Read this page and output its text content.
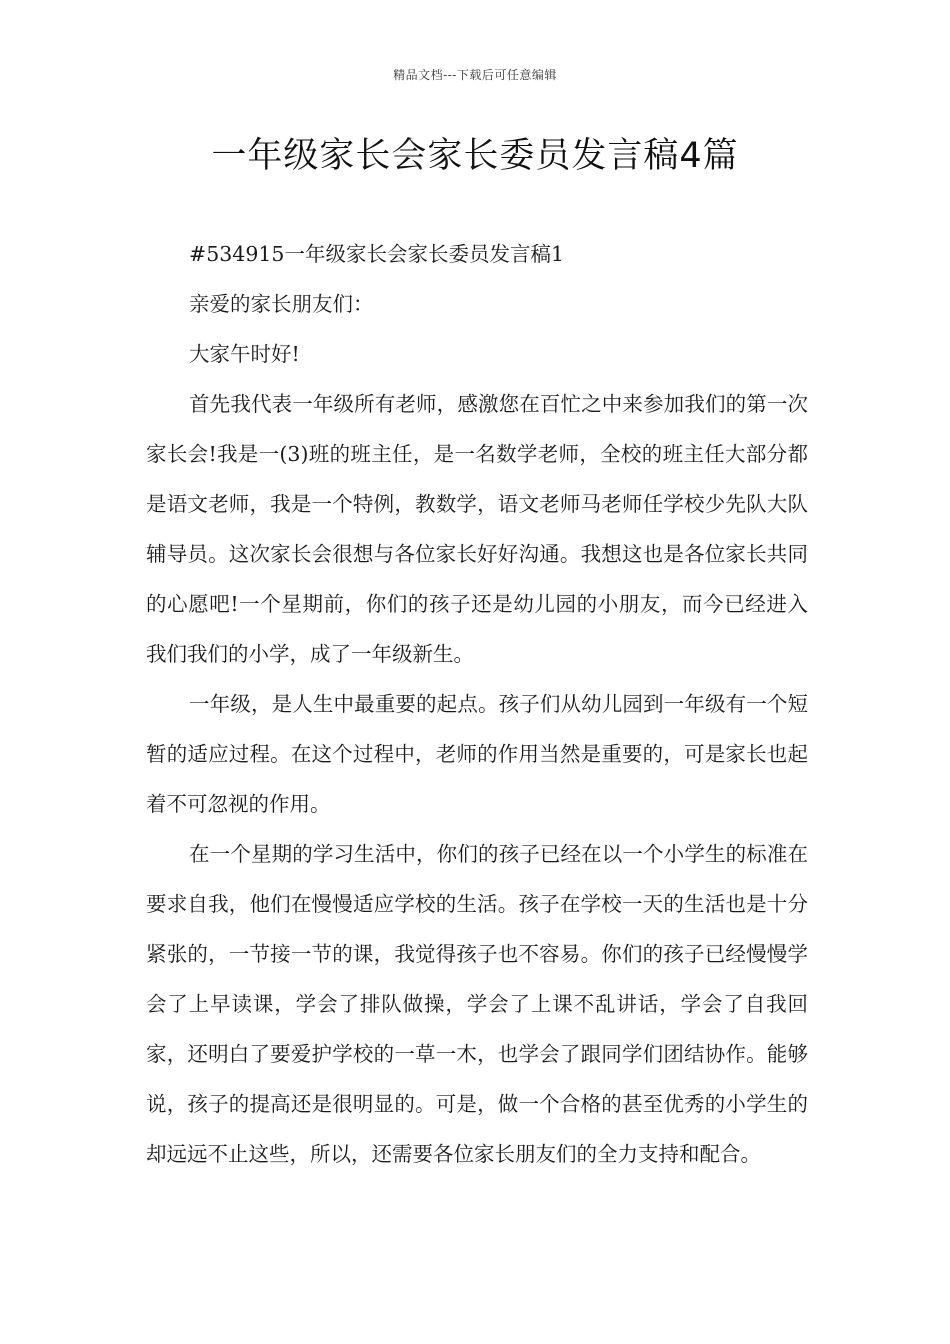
精品文档---下载后可任意编辑
一年级家长会家长委员发言稿4篇

#534915一年级家长会家长委员发言稿1

亲爱的家长朋友们：

大家午时好!

首先我代表一年级所有老师，感激您在百忙之中来参加我们的第一次家长会!我是一(3)班的班主任，是一名数学老师，全校的班主任大部分都是语文老师，我是一个特例，教数学，语文老师马老师任学校少先队大队辅导员。这次家长会很想与各位家长好好沟通。我想这也是各位家长共同的心愿吧!一个星期前，你们的孩子还是幼儿园的小朋友，而今已经进入我们我们的小学，成了一年级新生。

一年级，是人生中最重要的起点。孩子们从幼儿园到一年级有一个短暂的适应过程。在这个过程中，老师的作用当然是重要的，可是家长也起着不可忽视的作用。

在一个星期的学习生活中，你们的孩子已经在以一个小学生的标准在要求自我，他们在慢慢适应学校的生活。孩子在学校一天的生活也是十分紧张的，一节接一节的课，我觉得孩子也不容易。你们的孩子已经慢慢学会了上早读课，学会了排队做操，学会了上课不乱讲话，学会了自我回家，还明白了要爱护学校的一草一木，也学会了跟同学们团结协作。能够说，孩子的提高还是很明显的。可是，做一个合格的甚至优秀的小学生的却远远不止这些，所以，还需要各位家长朋友们的全力支持和配合。
